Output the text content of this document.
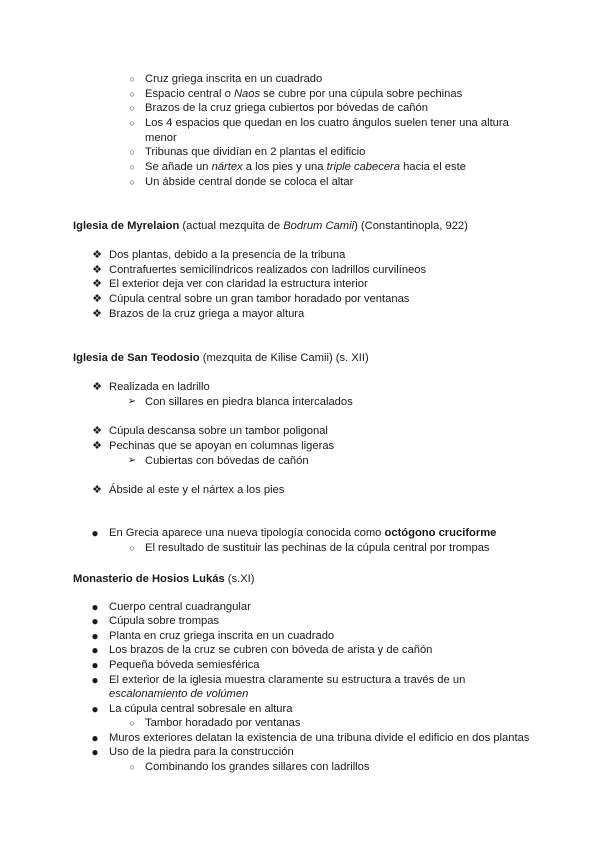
○ Cruz griega inscrita en un cuadrado
○ Espacio central o Naos se cubre por una cúpula sobre pechinas
○ Brazos de la cruz griega cubiertos por bóvedas de cañón
○ Los 4 espacios que quedan en los cuatro ángulos suelen tener una altura
menor
○ Tribunas que dividían en 2 plantas el edificio
○ Se añade un nártex a los pies y una triple cabecera hacia el este
○ Un ábside central donde se coloca el altar
Iglesia de Myrelaion (actual mezquita de Bodrum Camii) (Constantinopla, 922)
❖ Dos plantas, debido a la presencia de la tribuna
❖ Contrafuertes semicilíndricos realizados con ladrillos curvilíneos
❖ El exterior deja ver con claridad la estructura interior
❖ Cúpula central sobre un gran tambor horadado por ventanas
❖ Brazos de la cruz griega a mayor altura
Iglesia de San Teodosio (mezquita de Kilise Camii) (s. XII)
❖ Realizada en ladrillo
➢ Con sillares en piedra blanca intercalados
❖ Cúpula descansa sobre un tambor poligonal
❖ Pechinas que se apoyan en columnas ligeras
➢ Cubiertas con bóvedas de cañón
❖ Ábside al este y el nártex a los pies
● En Grecia aparece una nueva tipología conocida como octógono cruciforme
○ El resultado de sustituir las pechinas de la cúpula central por trompas
Monasterio de Hosios Lukás (s.XI)
● Cuerpo central cuadrangular
● Cúpula sobre trompas
● Planta en cruz griega inscrita en un cuadrado
● Los brazos de la cruz se cubren con bóveda de arista y de cañón
● Pequeña bóveda semiesférica
● El exterior de la iglesia muestra claramente su estructura a través de un
escalonamiento de volúmen
● La cúpula central sobresale en altura
○ Tambor horadado por ventanas
● Muros exteriores delatan la existencia de una tribuna divide el edificio en dos plantas
● Uso de la piedra para la construcción
○ Combinando los grandes sillares con ladrillos
